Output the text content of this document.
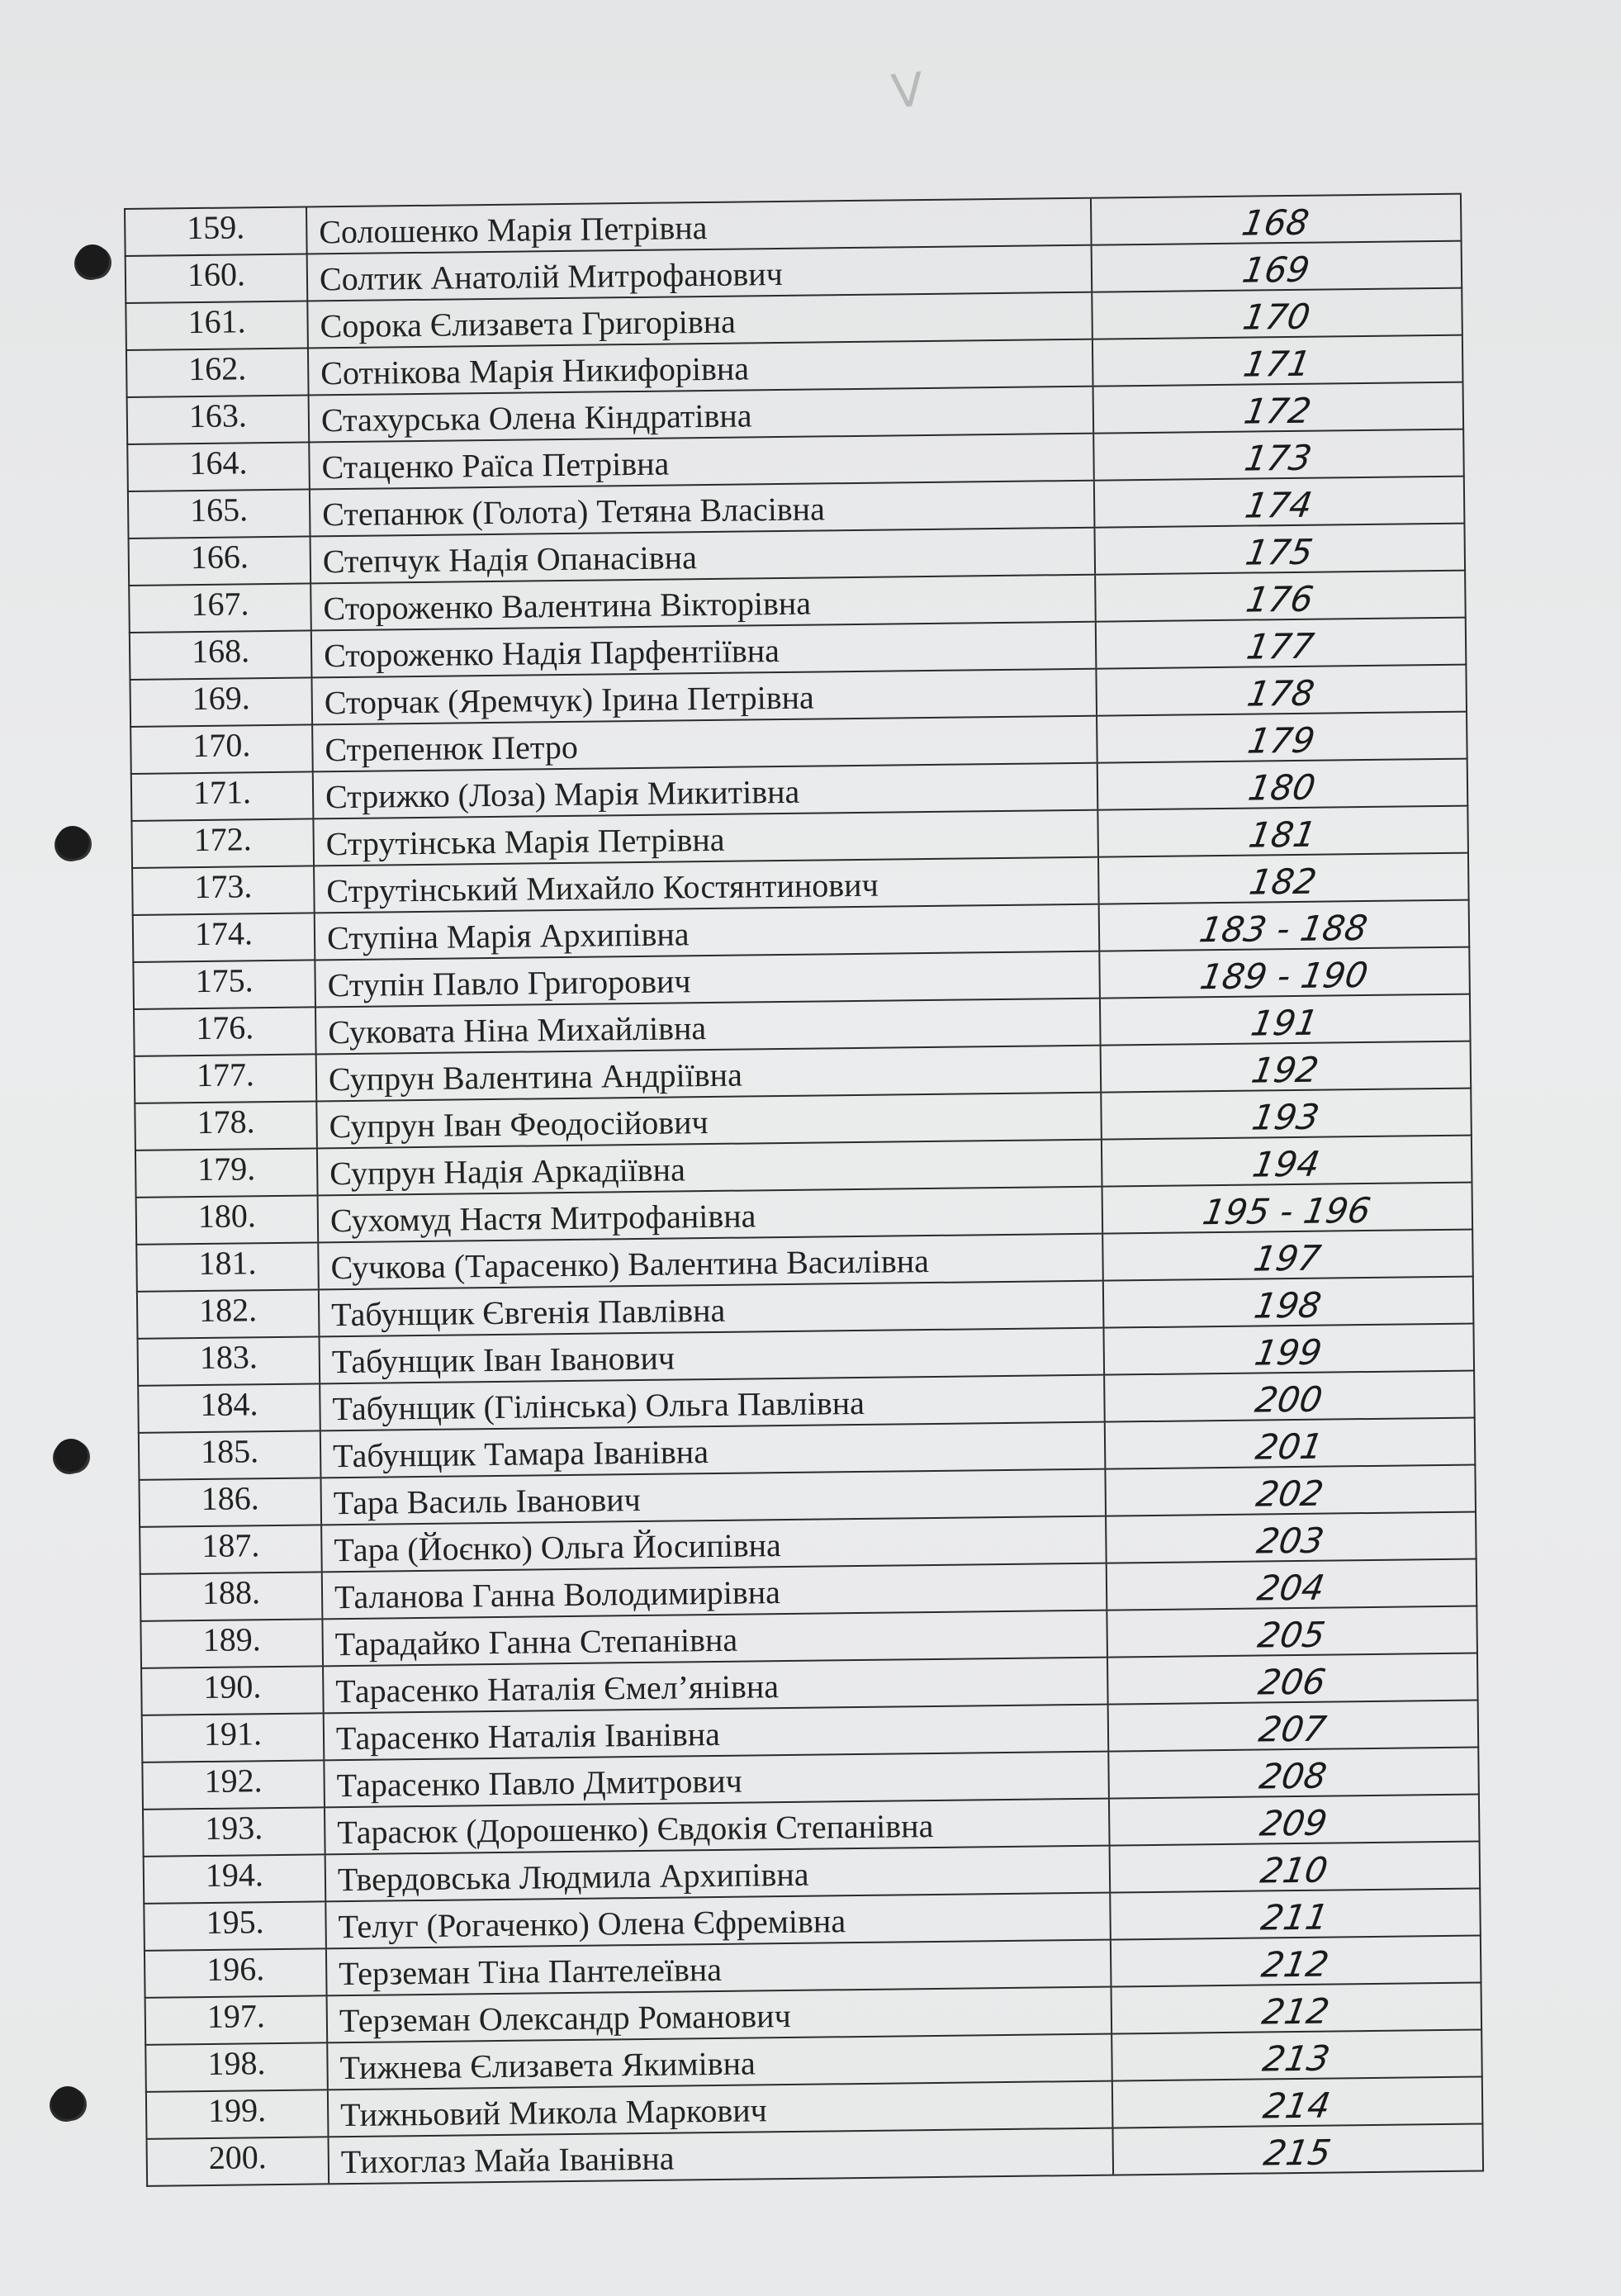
V
159.	Солошенко Марія Петрівна	168
160.	Солтик Анатолій Митрофанович	169
161.	Сорока Єлизавета Григорівна	170
162.	Сотнікова Марія Никифорівна	171
163.	Стахурська Олена Кіндратівна	172
164.	Стаценко Раїса Петрівна	173
165.	Степанюк (Голота) Тетяна Власівна	174
166.	Степчук Надія Опанасівна	175
167.	Стороженко Валентина Вікторівна	176
168.	Стороженко Надія Парфентіївна	177
169.	Сторчак (Яремчук) Ірина Петрівна	178
170.	Стрепенюк Петро	179
171.	Стрижко (Лоза) Марія Микитівна	180
172.	Струтінська Марія Петрівна	181
173.	Струтінський Михайло Костянтинович	182
174.	Ступіна Марія Архипівна	183 - 188
175.	Ступін Павло Григорович	189 - 190
176.	Суковата Ніна Михайлівна	191
177.	Супрун Валентина Андріївна	192
178.	Супрун Іван Феодосійович	193
179.	Супрун Надія Аркадіївна	194
180.	Сухомуд Настя Митрофанівна	195 - 196
181.	Сучкова (Тарасенко) Валентина Василівна	197
182.	Табунщик Євгенія Павлівна	198
183.	Табунщик Іван Іванович	199
184.	Табунщик (Гілінська) Ольга Павлівна	200
185.	Табунщик Тамара Іванівна	201
186.	Тара Василь Іванович	202
187.	Тара (Йоєнко) Ольга Йосипівна	203
188.	Таланова Ганна Володимирівна	204
189.	Тарадайко Ганна Степанівна	205
190.	Тарасенко Наталія Ємел’янівна	206
191.	Тарасенко Наталія Іванівна	207
192.	Тарасенко Павло Дмитрович	208
193.	Тарасюк (Дорошенко) Євдокія Степанівна	209
194.	Твердовська Людмила Архипівна	210
195.	Телуг (Рогаченко) Олена Єфремівна	211
196.	Терземан Тіна Пантелеївна	212
197.	Терземан Олександр Романович	212
198.	Тижнева Єлизавета Якимівна	213
199.	Тижньовий Микола Маркович	214
200.	Тихоглаз Майа Іванівна	215
